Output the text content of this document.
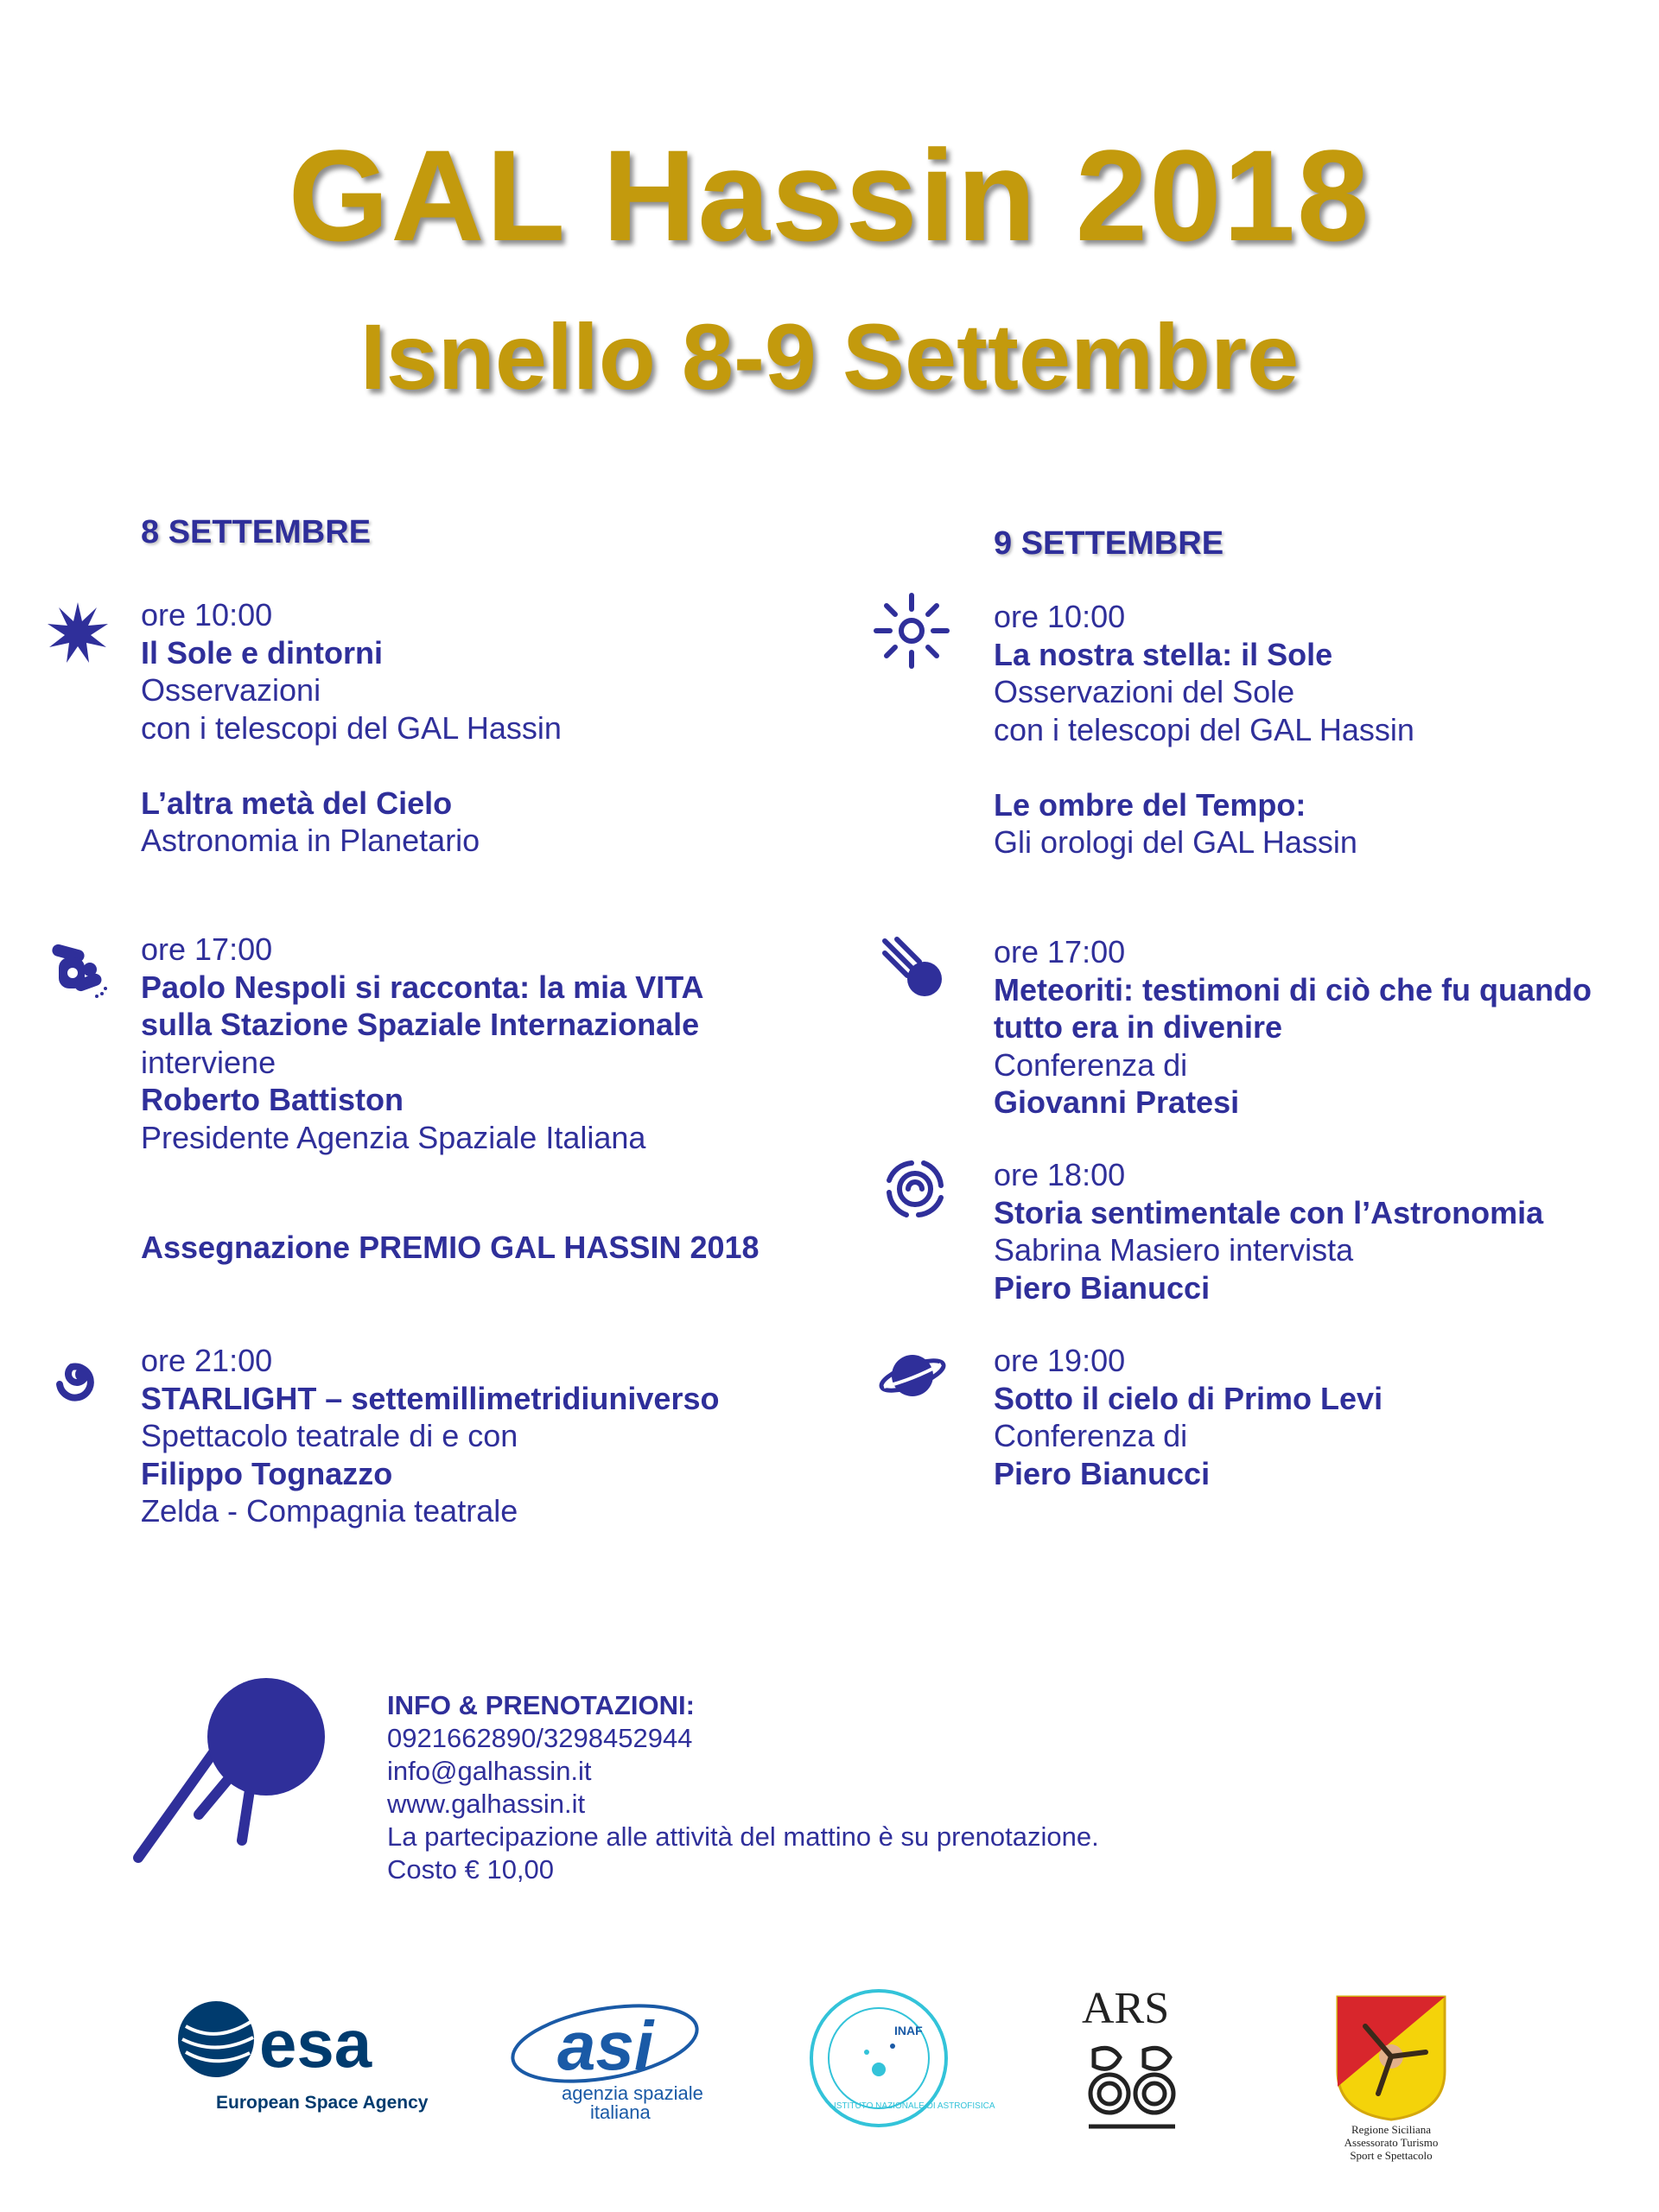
GAL Hassin 2018
Isnello 8-9 Settembre
8 SETTEMBRE
ore 10:00
Il Sole e dintorni
Osservazioni
con i telescopi del GAL Hassin

L’altra metà del Cielo
Astronomia in Planetario
ore 17:00
Paolo Nespoli si racconta: la mia VITA
sulla Stazione Spaziale Internazionale
interviene
Roberto Battiston
Presidente Agenzia Spaziale Italiana
Assegnazione PREMIO GAL HASSIN 2018
ore 21:00
STARLIGHT – settemillimetridiuniverso
Spettacolo teatrale di e con
Filippo Tognazzo
Zelda - Compagnia teatrale
9 SETTEMBRE
ore 10:00
La nostra stella: il Sole
Osservazioni del Sole
con i telescopi del GAL Hassin

Le ombre del Tempo:
Gli orologi del GAL Hassin
ore 17:00
Meteoriti: testimoni di ciò che fu quando
tutto era in divenire
Conferenza di
Giovanni Pratesi
ore 18:00
Storia sentimentale con l’Astronomia
Sabrina Masiero intervista
Piero Bianucci
ore 19:00
Sotto il cielo di Primo Levi
Conferenza di
Piero Bianucci
INFO & PRENOTAZIONI:
0921662890/3298452944
info@galhassin.it
www.galhassin.it
La partecipazione alle attività del mattino è su prenotazione.
Costo € 10,00
esa
European Space Agency
asi
agenzia spaziale
italiana
INAF
ISTITUTO NAZIONALE DI ASTROFISICA
ARS
Regione Siciliana
Assessorato Turismo
Sport e Spettacolo
